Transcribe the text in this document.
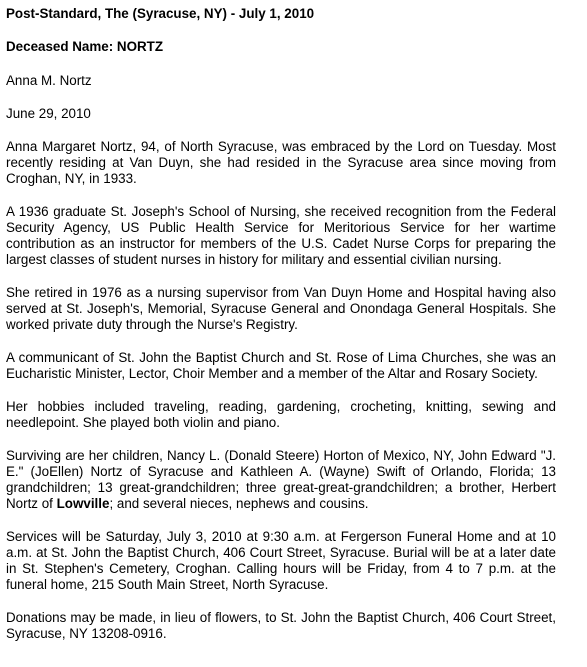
Post-Standard, The (Syracuse, NY) - July 1, 2010

Deceased Name: NORTZ

Anna M. Nortz

June 29, 2010

Anna Margaret Nortz, 94, of North Syracuse, was embraced by the Lord on Tuesday. Most recently residing at Van Duyn, she had resided in the Syracuse area since moving from Croghan, NY, in 1933.

A 1936 graduate St. Joseph's School of Nursing, she received recognition from the Federal Security Agency, US Public Health Service for Meritorious Service for her wartime contribution as an instructor for members of the U.S. Cadet Nurse Corps for preparing the largest classes of student nurses in history for military and essential civilian nursing.

She retired in 1976 as a nursing supervisor from Van Duyn Home and Hospital having also served at St. Joseph's, Memorial, Syracuse General and Onondaga General Hospitals. She worked private duty through the Nurse's Registry.

A communicant of St. John the Baptist Church and St. Rose of Lima Churches, she was an Eucharistic Minister, Lector, Choir Member and a member of the Altar and Rosary Society.

Her hobbies included traveling, reading, gardening, crocheting, knitting, sewing and needlepoint. She played both violin and piano.

Surviving are her children, Nancy L. (Donald Steere) Horton of Mexico, NY, John Edward "J. E." (JoEllen) Nortz of Syracuse and Kathleen A. (Wayne) Swift of Orlando, Florida; 13 grandchildren; 13 great-grandchildren; three great-great-grandchildren; a brother, Herbert Nortz of Lowville; and several nieces, nephews and cousins.

Services will be Saturday, July 3, 2010 at 9:30 a.m. at Fergerson Funeral Home and at 10 a.m. at St. John the Baptist Church, 406 Court Street, Syracuse. Burial will be at a later date in St. Stephen's Cemetery, Croghan. Calling hours will be Friday, from 4 to 7 p.m. at the funeral home, 215 South Main Street, North Syracuse.

Donations may be made, in lieu of flowers, to St. John the Baptist Church, 406 Court Street, Syracuse, NY 13208-0916.
